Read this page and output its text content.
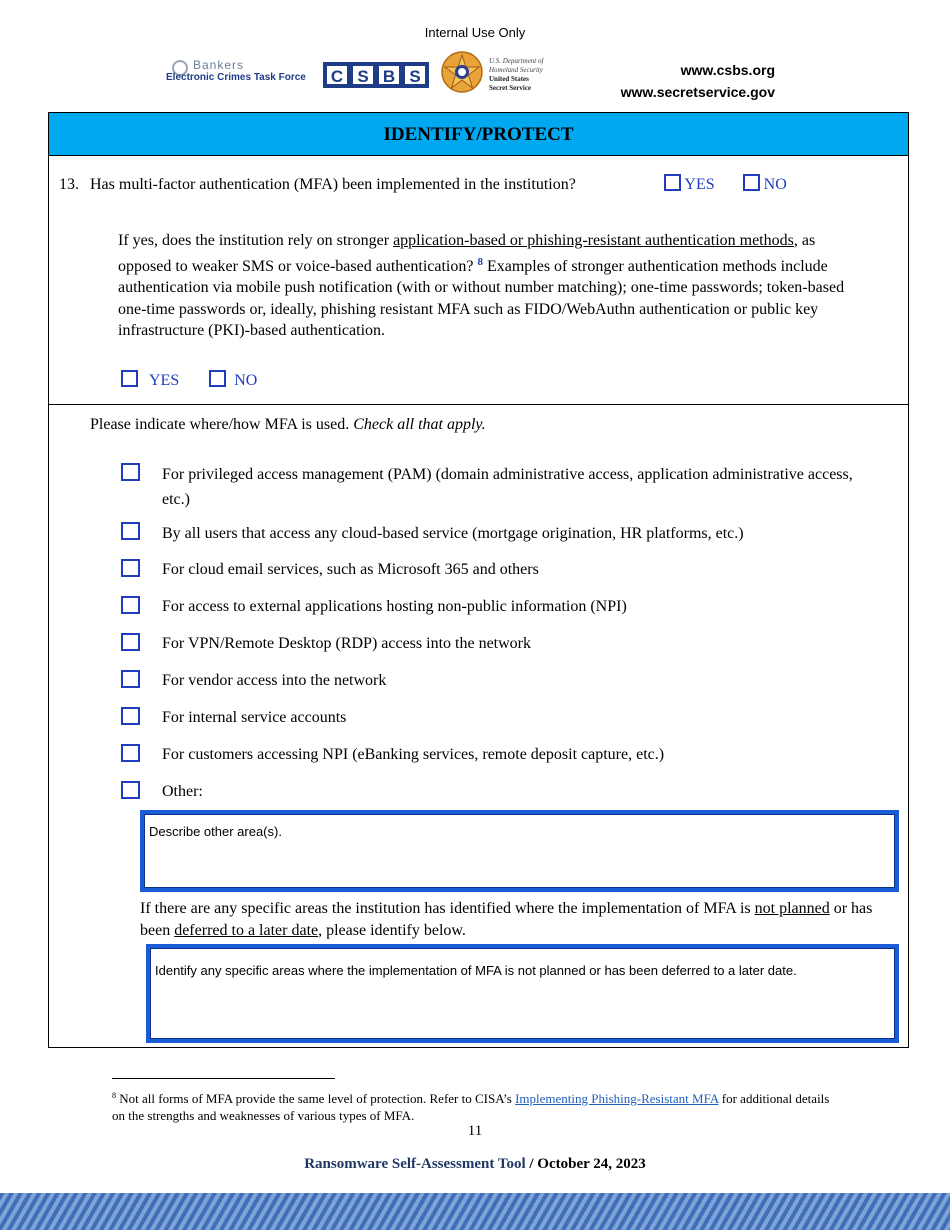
Internal Use Only
Bankers
Electronic Crimes Task Force	C S B S
U.S. Department of
Homeland Security
United States
Secret Service
www.csbs.org
www.secretservice.gov
IDENTIFY/PROTECT
13. Has multi-factor authentication (MFA) been implemented in the institution?	YES	NO
If yes, does the institution rely on stronger application-based or phishing-resistant authentication methods, as opposed to weaker SMS or voice-based authentication? $^8$ Examples of stronger authentication methods include authentication via mobile push notification (with or without number matching); one-time passwords; token-based one-time passwords or, ideally, phishing resistant MFA such as FIDO/WebAuthn authentication or public key infrastructure (PKI)-based authentication.
YES	NO
Please indicate where/how MFA is used. Check all that apply.
For privileged access management (PAM) (domain administrative access, application administrative access, etc.)
By all users that access any cloud-based service (mortgage origination, HR platforms, etc.)
For cloud email services, such as Microsoft 365 and others
For access to external applications hosting non-public information (NPI)
For VPN/Remote Desktop (RDP) access into the network
For vendor access into the network
For internal service accounts
For customers accessing NPI (eBanking services, remote deposit capture, etc.)
Other:
Describe other area(s).
If there are any specific areas the institution has identified where the implementation of MFA is not planned or has been deferred to a later date, please identify below.
Identify any specific areas where the implementation of MFA is not planned or has been deferred to a later date.
$^8$ Not all forms of MFA provide the same level of protection. Refer to CISA’s Implementing Phishing-Resistant MFA for additional details on the strengths and weaknesses of various types of MFA.
11
Ransomware Self-Assessment Tool / October 24, 2023
